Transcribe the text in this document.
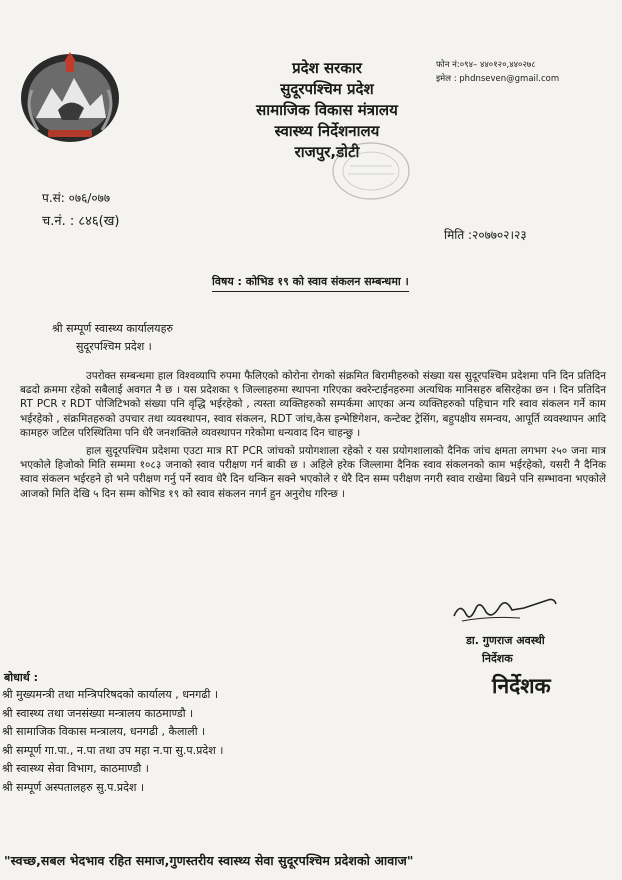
प्रदेश सरकार
सुदूरपश्चिम प्रदेश
सामाजिक विकास मंत्रालय
स्वास्थ्य निर्देशनालय
राजपुर,डोटी
फोन नं:०९४– ४४०१२०,४४०२७८
इमेल : phdnseven@gmail.com
प.सं: ०७६/०७७
च.नं. : ८४६(ख)
मिति :२०७७०२।२३
विषय : कोभिड १९ को स्वाव संकलन सम्बन्धमा ।
श्री सम्पूर्ण स्वास्थ्य कार्यालयहरु
सुदूरपश्चिम प्रदेश ।

उपरोक्त सम्बन्धमा हाल विश्वव्यापि रुपमा फैलिएको कोरोना रोगको संक्रमित बिरामीहरुको संख्या यस सुदूरपश्चिम प्रदेशमा पनि दिन प्रतिदिन बढदो क्रममा रहेको सबैलाई अवगत नै छ । यस प्रदेशका ९ जिल्लाहरुमा स्थापना गरिएका क्वरेन्टाईनहरुमा अत्यधिक मानिसहरु बसिरहेका छन । दिन प्रतिदिन RT PCR र RDT पोजिटिभको संख्या पनि वृद्धि भईरहेको , त्यस्ता व्यक्तिहरुको सम्पर्कमा आएका अन्य व्यक्तिहरुको पहिचान गरि स्वाव संकलन गर्ने काम भईरहेको , संक्रमितहरुको उपचार तथा व्यवस्थापन, स्वाव संकलन, RDT जांच,केस इन्भेष्टिगेशन, कन्टेक्ट ट्रेसिंग, बहुपक्षीय समन्वय, आपूर्ति व्यवस्थापन आदि कामहरु जटिल परिस्थितिमा पनि धेरै जनशक्तिले व्यवस्थापन गरेकोमा धन्यवाद दिन चाहन्छु ।

हाल सुदूरपश्चिम प्रदेशमा एउटा मात्र RT PCR जांचको प्रयोगशाला रहेको र यस प्रयोगशालाको दैनिक जांच क्षमता लगभग २५० जना मात्र भएकोले हिजोको मिति सम्ममा १०८३ जनाको स्वाव परीक्षण गर्न बाकी छ । अहिले हरेक जिल्लामा दैनिक स्वाव संकलनको काम भईरहेको, यसरी नै दैनिक स्वाव संकलन भईरहने हो भने परीक्षण गर्नु पर्ने स्वाव धेरै दिन थन्किन सक्ने भएकोले र धेरै दिन सम्म परीक्षण नगरी स्वाव राखेमा बिग्रने पनि सम्भावना भएकोले आजको मिति देखि ५ दिन सम्म कोभिड १९ को स्वाव संकलन नगर्न हुन अनुरोध गरिन्छ ।

डा. गुणराज अवस्थी
निर्देशक
निर्देशक
बोधार्थ :
श्री मुख्यमन्त्री तथा मन्त्रिपरिषदको कार्यालय , धनगढी ।
श्री स्वास्थ्य तथा जनसंख्या मन्त्रालय काठमाण्डौ ।
श्री सामाजिक विकास मन्त्रालय, धनगढी , कैलाली ।
श्री सम्पूर्ण गा.पा., न.पा तथा उप महा न.पा सु.प.प्रदेश ।
श्री स्वास्थ्य सेवा विभाग, काठमाण्डौ ।
श्री सम्पूर्ण अस्पतालहरु सु.प.प्रदेश ।
"स्वच्छ,सबल भेदभाव रहित समाज,गुणस्तरीय स्वास्थ्य सेवा सुदूरपश्चिम प्रदेशको आवाज"
